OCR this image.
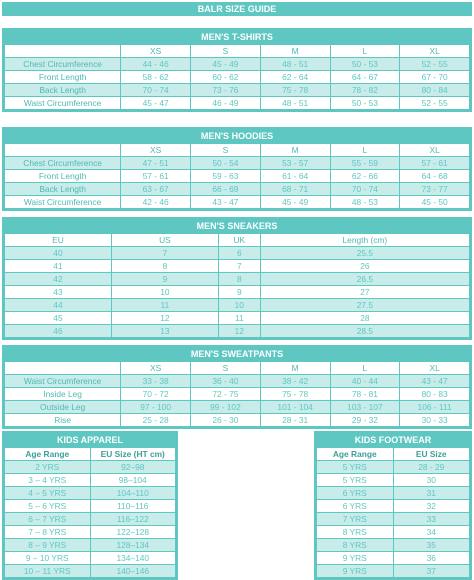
BALR SIZE GUIDE
MEN'S T-SHIRTS					
	XS	S	M	L	XL
Chest Circumference	44 - 46	45 - 49	48 - 51	50 - 53	52 - 55
Front Length	58 - 62	60 - 62	62 - 64	64 - 67	67 - 70
Back Length	70 - 74	73 - 76	75 - 78	78 - 82	80 - 84
Waist Circumference	45 - 47	46 - 49	48 - 51	50 - 53	52 - 55
MEN'S HOODIES					
	XS	S	M	L	XL
Chest Circumference	47 - 51	50 - 54	53 - 57	55 - 59	57 - 61
Front Length	57 - 61	59 - 63	61 - 64	62 - 66	64 - 68
Back Length	63 - 67	66 - 69	68 - 71	70 - 74	73 - 77
Waist Circumference	42 - 46	43 - 47	45 - 49	48 - 53	45 - 50
MEN'S SNEAKERS			
EU	US	UK	Length (cm)
40	7	6	25.5
41	8	7	26
42	9	8	26.5
43	10	9	27
44	11	10	27.5
45	12	11	28
46	13	12	28.5
MEN'S SWEATPANTS					
	XS	S	M	L	XL
Waist Circumference	33 - 38	36 - 40	38 - 42	40 - 44	43 - 47
Inside Leg	70 - 72	72 - 75	75 - 78	78 - 81	80 - 83
Outside Leg	97 - 100	99 - 102	101 - 104	103 - 107	106 - 111
Rise	25 - 28	26 - 30	28 - 31	29 - 32	30 - 33
KIDS APPAREL	
Age Range	EU Size (HT cm)
2 YRS	92–98
3 – 4 YRS	98–104
4 – 5 YRS	104–110
5 – 6 YRS	110–116
6 – 7 YRS	116–122
7 – 8 YRS	122–128
8 – 9 YRS	128–134
9 – 10 YRS	134–140
10 – 11 YRS	140–146
KIDS FOOTWEAR	
Age Range	EU Size
5 YRS	28 - 29
5 YRS	30
6 YRS	31
6 YRS	32
7 YRS	33
8 YRS	34
8 YRS	35
9 YRS	36
9 YRS	37
